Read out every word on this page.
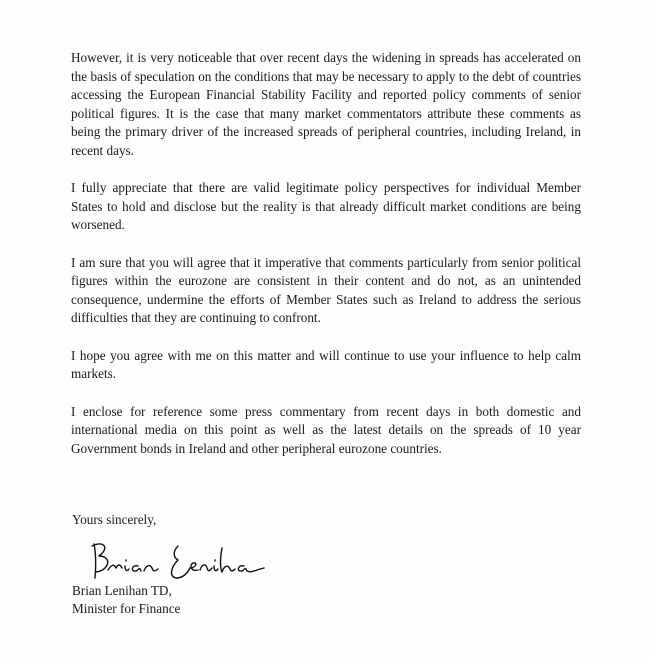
However, it is very noticeable that over recent days the widening in spreads has accelerated on the basis of speculation on the conditions that may be necessary to apply to the debt of countries accessing the European Financial Stability Facility and reported policy comments of senior political figures. It is the case that many market commentators attribute these comments as being the primary driver of the increased spreads of peripheral countries, including Ireland, in recent days.

I fully appreciate that there are valid legitimate policy perspectives for individual Member States to hold and disclose but the reality is that already difficult market conditions are being worsened.

I am sure that you will agree that it imperative that comments particularly from senior political figures within the eurozone are consistent in their content and do not, as an unintended consequence, undermine the efforts of Member States such as Ireland to address the serious difficulties that they are continuing to confront.

I hope you agree with me on this matter and will continue to use your influence to help calm markets.

I enclose for reference some press commentary from recent days in both domestic and international media on this point as well as the latest details on the spreads of 10 year Government bonds in Ireland and other peripheral eurozone countries.

Yours sincerely,
Brian Lenihan TD,
Minister for Finance
